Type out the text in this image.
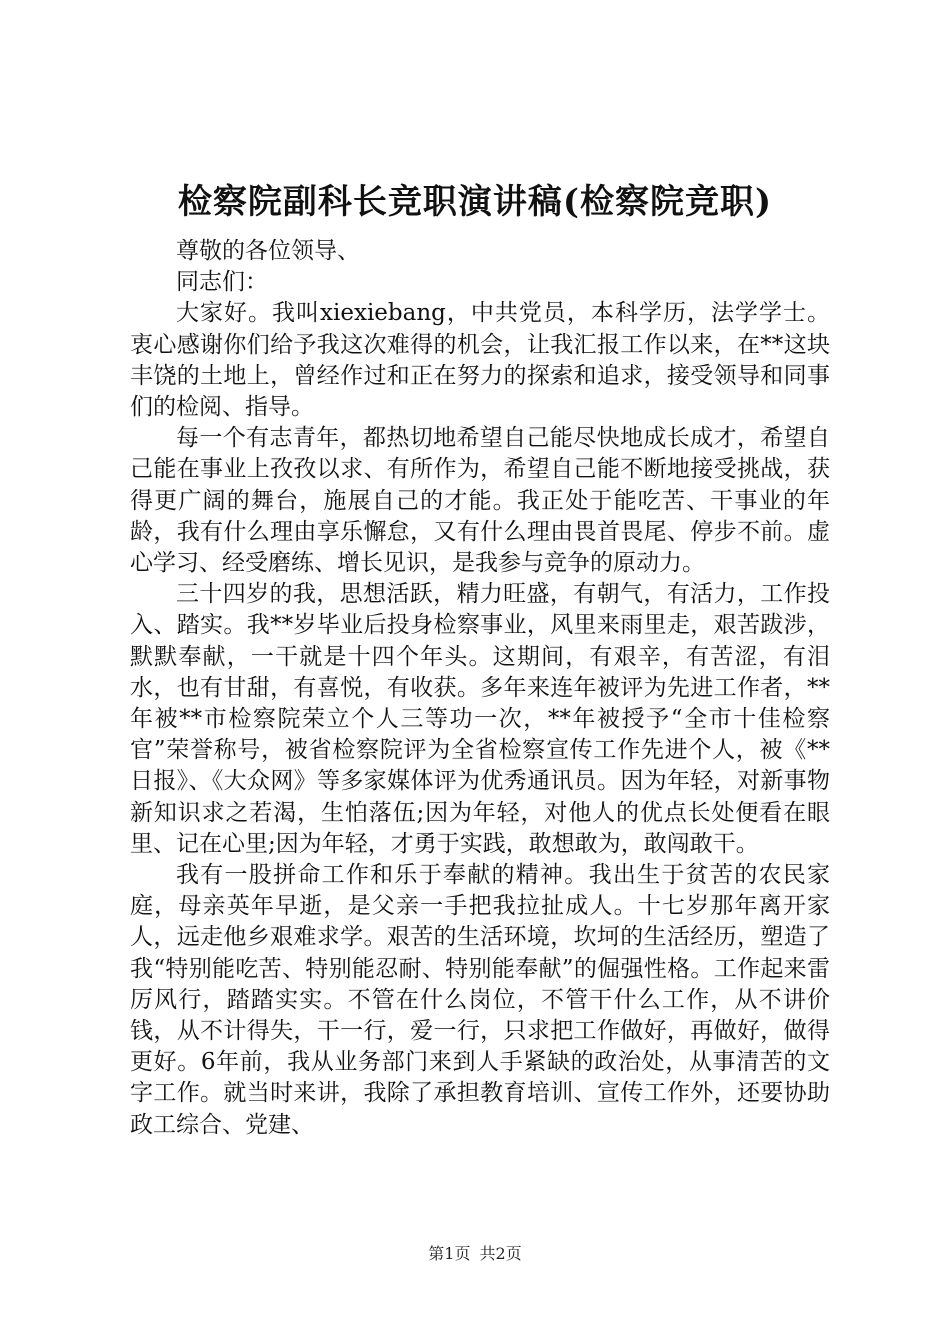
检察院副科长竞职演讲稿(检察院竞职)

尊敬的各位领导、

同志们：

大家好。我叫xiexiebang，中共党员，本科学历，法学学士。衷心感谢你们给予我这次难得的机会，让我汇报工作以来，在**这块丰饶的土地上，曾经作过和正在努力的探索和追求，接受领导和同事们的检阅、指导。

每一个有志青年，都热切地希望自己能尽快地成长成才，希望自己能在事业上孜孜以求、有所作为，希望自己能不断地接受挑战，获得更广阔的舞台，施展自己的才能。我正处于能吃苦、干事业的年龄，我有什么理由享乐懈怠，又有什么理由畏首畏尾、停步不前。虚心学习、经受磨练、增长见识，是我参与竞争的原动力。

三十四岁的我，思想活跃，精力旺盛，有朝气，有活力，工作投入、踏实。我**岁毕业后投身检察事业，风里来雨里走，艰苦跋涉，默默奉献，一干就是十四个年头。这期间，有艰辛，有苦涩，有泪水，也有甘甜，有喜悦，有收获。多年来连年被评为先进工作者，**年被**市检察院荣立个人三等功一次，**年被授予“全市十佳检察官”荣誉称号，被省检察院评为全省检察宣传工作先进个人，被《**日报》、《大众网》等多家媒体评为优秀通讯员。因为年轻，对新事物新知识求之若渴，生怕落伍;因为年轻，对他人的优点长处便看在眼里、记在心里;因为年轻，才勇于实践，敢想敢为，敢闯敢干。

我有一股拼命工作和乐于奉献的精神。我出生于贫苦的农民家庭，母亲英年早逝，是父亲一手把我拉扯成人。十七岁那年离开家人，远走他乡艰难求学。艰苦的生活环境，坎坷的生活经历，塑造了我“特别能吃苦、特别能忍耐、特别能奉献”的倔强性格。工作起来雷厉风行，踏踏实实。不管在什么岗位，不管干什么工作，从不讲价钱，从不计得失，干一行，爱一行，只求把工作做好，再做好，做得更好。6年前，我从业务部门来到人手紧缺的政治处，从事清苦的文字工作。就当时来讲，我除了承担教育培训、宣传工作外，还要协助政工综合、党建、

第1页 共2页
